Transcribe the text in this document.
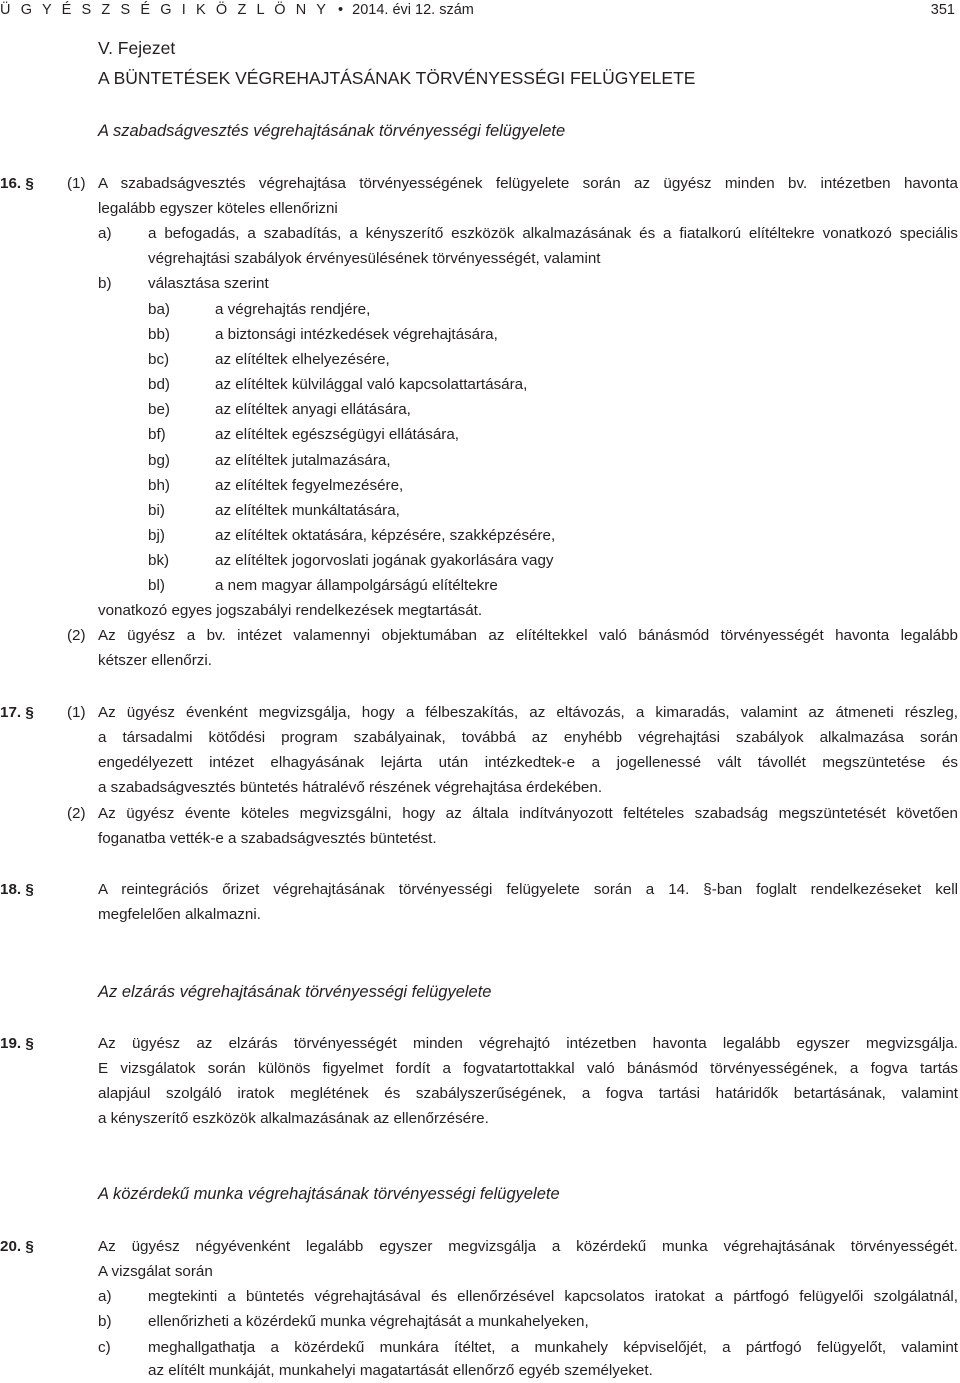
Ü G Y É S Z S É G I K Ö Z L Ö N Y • 2014. évi 12. szám	351
V. Fejezet
A BÜNTETÉSEK VÉGREHAJTÁSÁNAK TÖRVÉNYESSÉGI FELÜGYELETE
A szabadságvesztés végrehajtásának törvényességi felügyelete
16. § (1) A szabadságvesztés végrehajtása törvényességének felügyelete során az ügyész minden bv. intézetben havonta
legalább egyszer köteles ellenőrizni
a) a befogadás, a szabadítás, a kényszerítő eszközök alkalmazásának és a fiatalkorú elítéltekre vonatkozó speciális
végrehajtási szabályok érvényesülésének törvényességét, valamint
b) választása szerint
ba)	a végrehajtás rendjére,
bb)	a biztonsági intézkedések végrehajtására,
bc)	az elítéltek elhelyezésére,
bd)	az elítéltek külvilággal való kapcsolattartására,
be)	az elítéltek anyagi ellátására,
bf)	az elítéltek egészségügyi ellátására,
bg)	az elítéltek jutalmazására,
bh)	az elítéltek fegyelmezésére,
bi)	az elítéltek munkáltatására,
bj)	az elítéltek oktatására, képzésére, szakképzésére,
bk)	az elítéltek jogorvoslati jogának gyakorlására vagy
bl)	a nem magyar állampolgárságú elítéltekre
vonatkozó egyes jogszabályi rendelkezések megtartását.
(2) Az ügyész a bv. intézet valamennyi objektumában az elítéltekkel való bánásmód törvényességét havonta legalább
kétszer ellenőrzi.
17. § (1) Az ügyész évenként megvizsgálja, hogy a félbeszakítás, az eltávozás, a kimaradás, valamint az átmeneti részleg,
a társadalmi kötődési program szabályainak, továbbá az enyhébb végrehajtási szabályok alkalmazása során
engedélyezett intézet elhagyásának lejárta után intézkedtek-e a jogellenessé vált távollét megszüntetése és
a szabadságvesztés büntetés hátralévő részének végrehajtása érdekében.
(2) Az ügyész évente köteles megvizsgálni, hogy az általa indítványozott feltételes szabadság megszüntetését követően
foganatba vették-e a szabadságvesztés büntetést.
18. §	A reintegrációs őrizet végrehajtásának törvényességi felügyelete során a 14. §-ban foglalt rendelkezéseket kell
megfelelően alkalmazni.
Az elzárás végrehajtásának törvényességi felügyelete
19. §	Az ügyész az elzárás törvényességét minden végrehajtó intézetben havonta legalább egyszer megvizsgálja.
E vizsgálatok során különös figyelmet fordít a fogvatartottakkal való bánásmód törvényességének, a fogva tartás
alapjául szolgáló iratok meglétének és szabályszerűségének, a fogva tartási határidők betartásának, valamint
a kényszerítő eszközök alkalmazásának az ellenőrzésére.
A közérdekű munka végrehajtásának törvényességi felügyelete
20. §	Az ügyész négyévenként legalább egyszer megvizsgálja a közérdekű munka végrehajtásának törvényességét.
A vizsgálat során
a) megtekinti a büntetés végrehajtásával és ellenőrzésével kapcsolatos iratokat a pártfogó felügyelői szolgálatnál,
b) ellenőrizheti a közérdekű munka végrehajtását a munkahelyeken,
c) meghallgathatja a közérdekű munkára ítéltet, a munkahely képviselőjét, a pártfogó felügyelőt, valamint
az elítélt munkáját, munkahelyi magatartását ellenőrző egyéb személyeket.
